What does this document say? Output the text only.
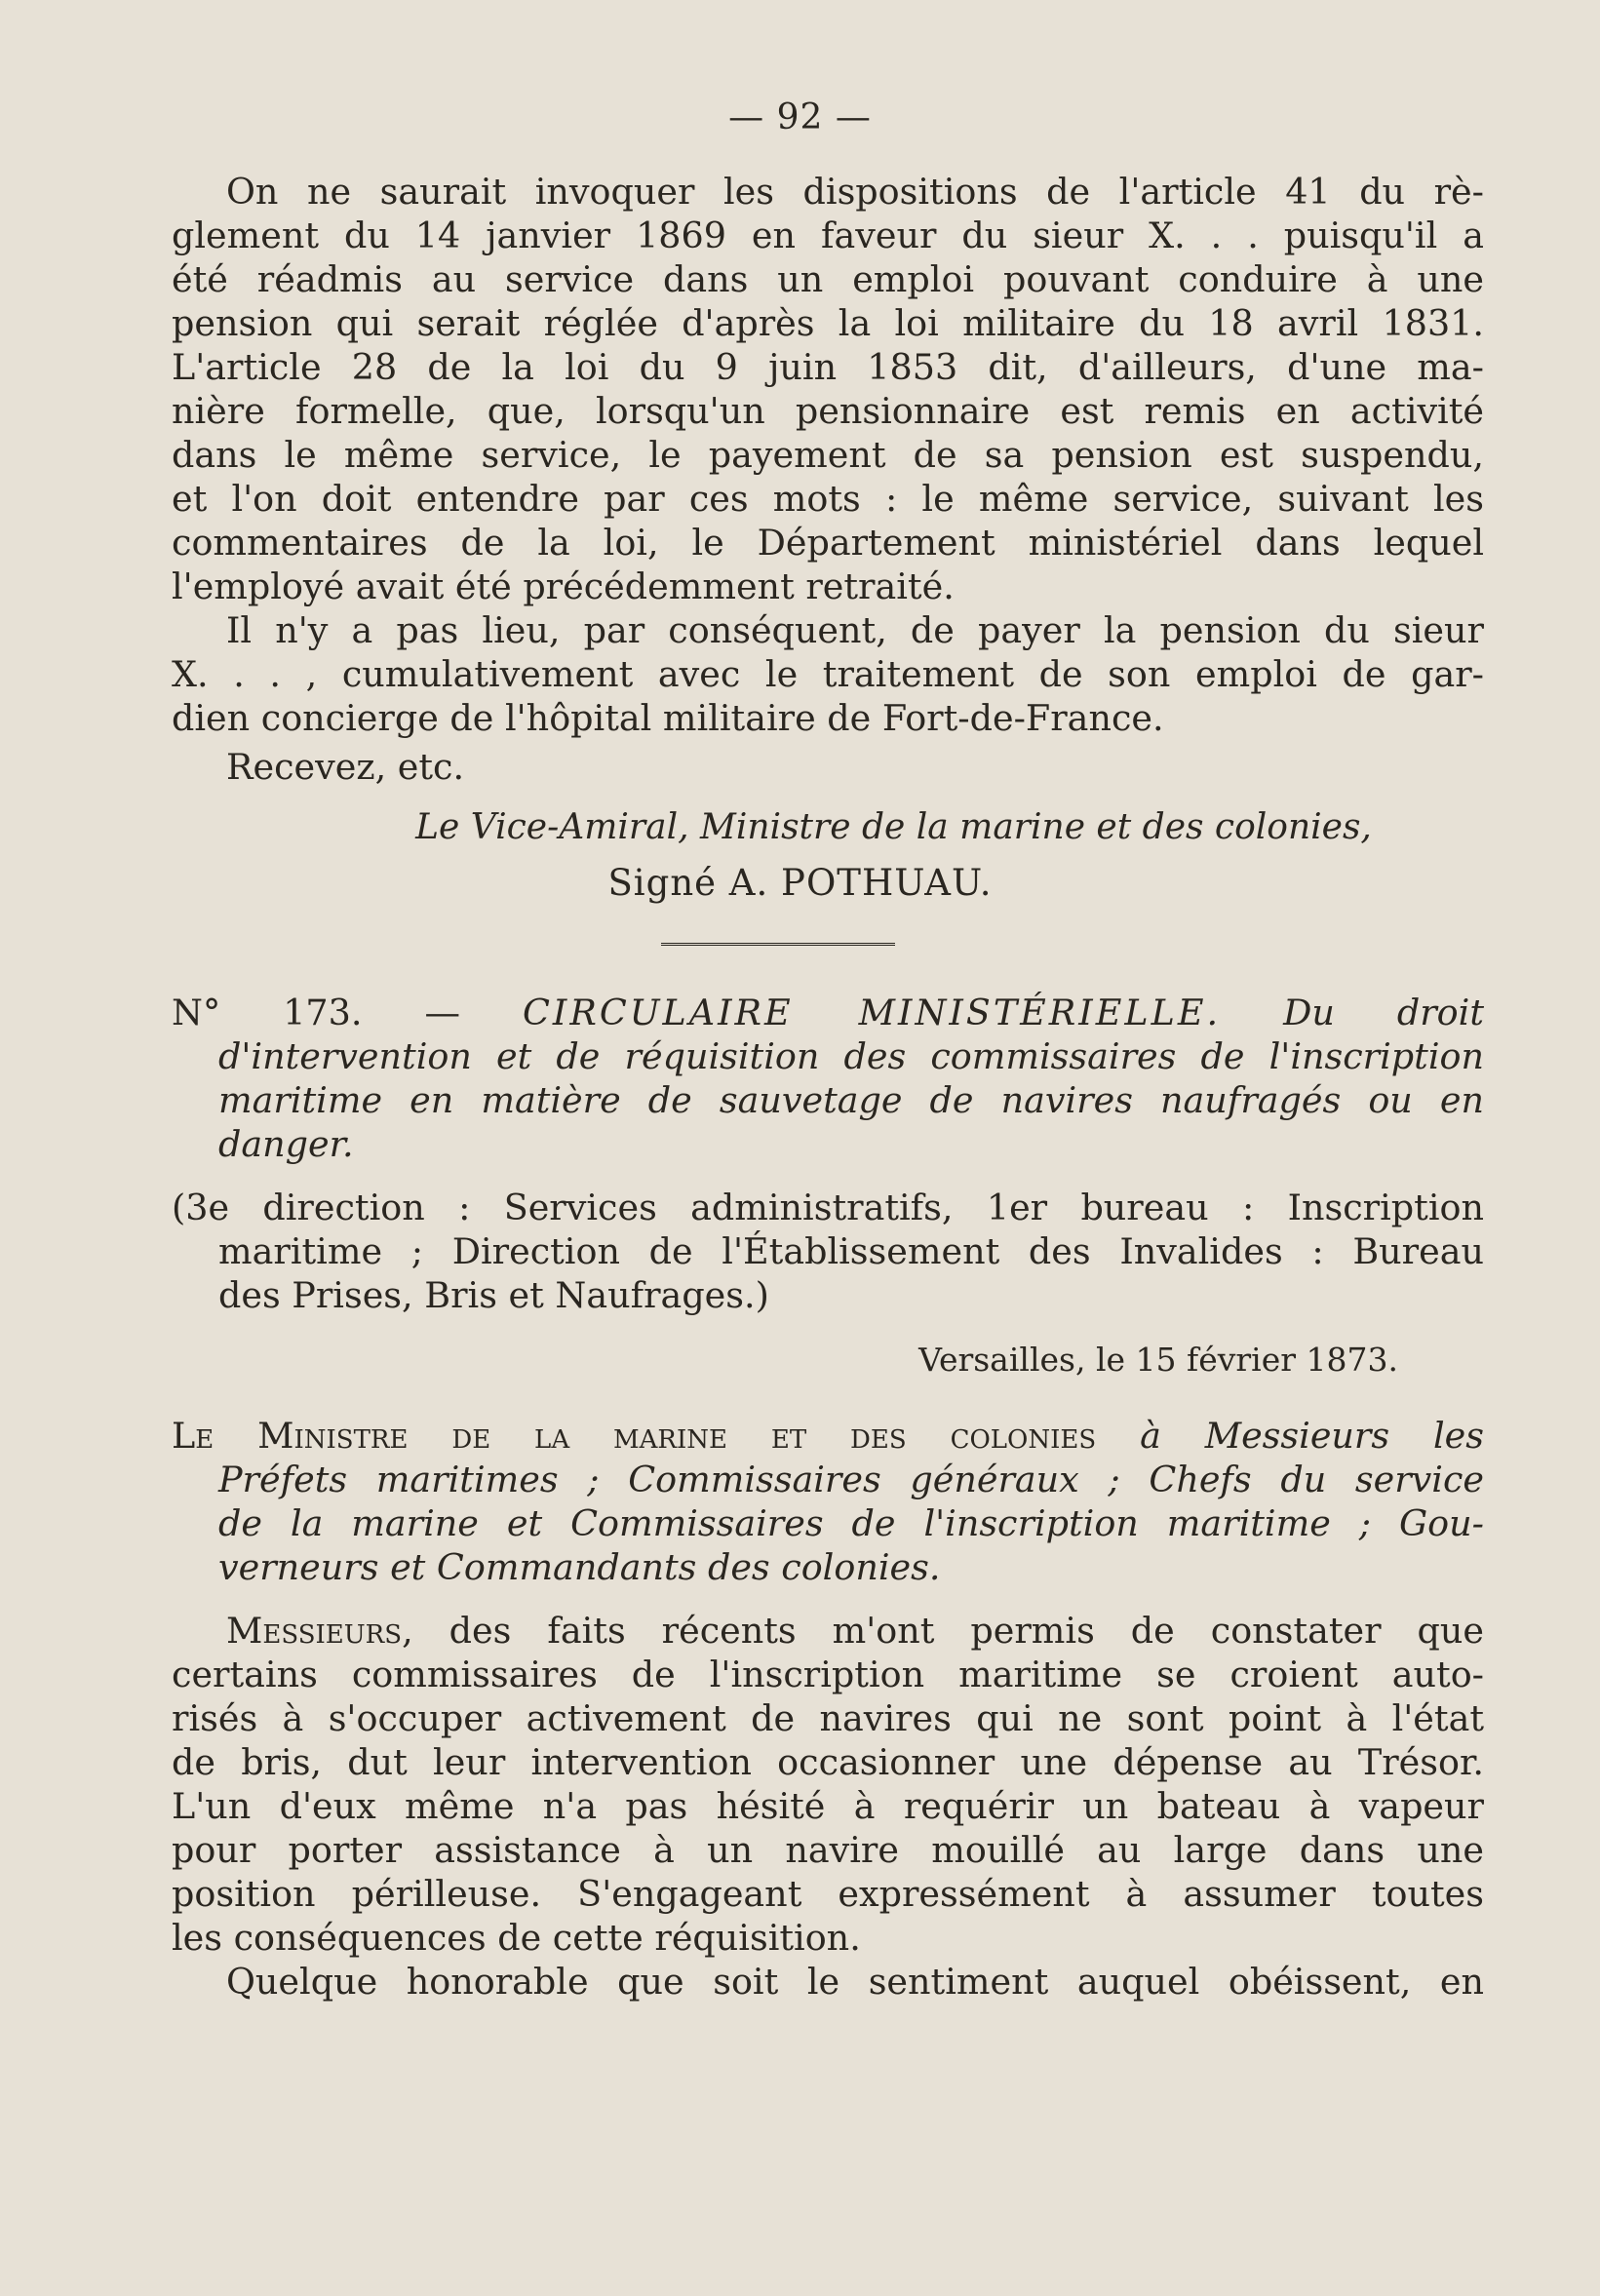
— 92 —
On ne saurait invoquer les dispositions de l'article 41 du rè-
glement du 14 janvier 1869 en faveur du sieur X. . . puisqu'il a
été réadmis au service dans un emploi pouvant conduire à une
pension qui serait réglée d'après la loi militaire du 18 avril 1831.
L'article 28 de la loi du 9 juin 1853 dit, d'ailleurs, d'une ma-
nière formelle, que, lorsqu'un pensionnaire est remis en activité
dans le même service, le payement de sa pension est suspendu,
et l'on doit entendre par ces mots : le même service, suivant les
commentaires de la loi, le Département ministériel dans lequel
l'employé avait été précédemment retraité.
Il n'y a pas lieu, par conséquent, de payer la pension du sieur
X. . . , cumulativement avec le traitement de son emploi de gar-
dien concierge de l'hôpital militaire de Fort-de-France.
Recevez, etc.
Le Vice-Amiral, Ministre de la marine et des colonies,
Signé A. POTHUAU.
N° 173. — CIRCULAIRE MINISTÉRIELLE. Du droit
d'intervention et de réquisition des commissaires de l'inscription
maritime en matière de sauvetage de navires naufragés ou en
danger.
(3e direction : Services administratifs, 1er bureau : Inscription
maritime ; Direction de l'Établissement des Invalides : Bureau
des Prises, Bris et Naufrages.)
Versailles, le 15 février 1873.
Le Ministre de la marine et des colonies à Messieurs les
Préfets maritimes ; Commissaires généraux ; Chefs du service
de la marine et Commissaires de l'inscription maritime ; Gou-
verneurs et Commandants des colonies.
Messieurs, des faits récents m'ont permis de constater que
certains commissaires de l'inscription maritime se croient auto-
risés à s'occuper activement de navires qui ne sont point à l'état
de bris, dut leur intervention occasionner une dépense au Trésor.
L'un d'eux même n'a pas hésité à requérir un bateau à vapeur
pour porter assistance à un navire mouillé au large dans une
position périlleuse. S'engageant expressément à assumer toutes
les conséquences de cette réquisition.
Quelque honorable que soit le sentiment auquel obéissent, en
